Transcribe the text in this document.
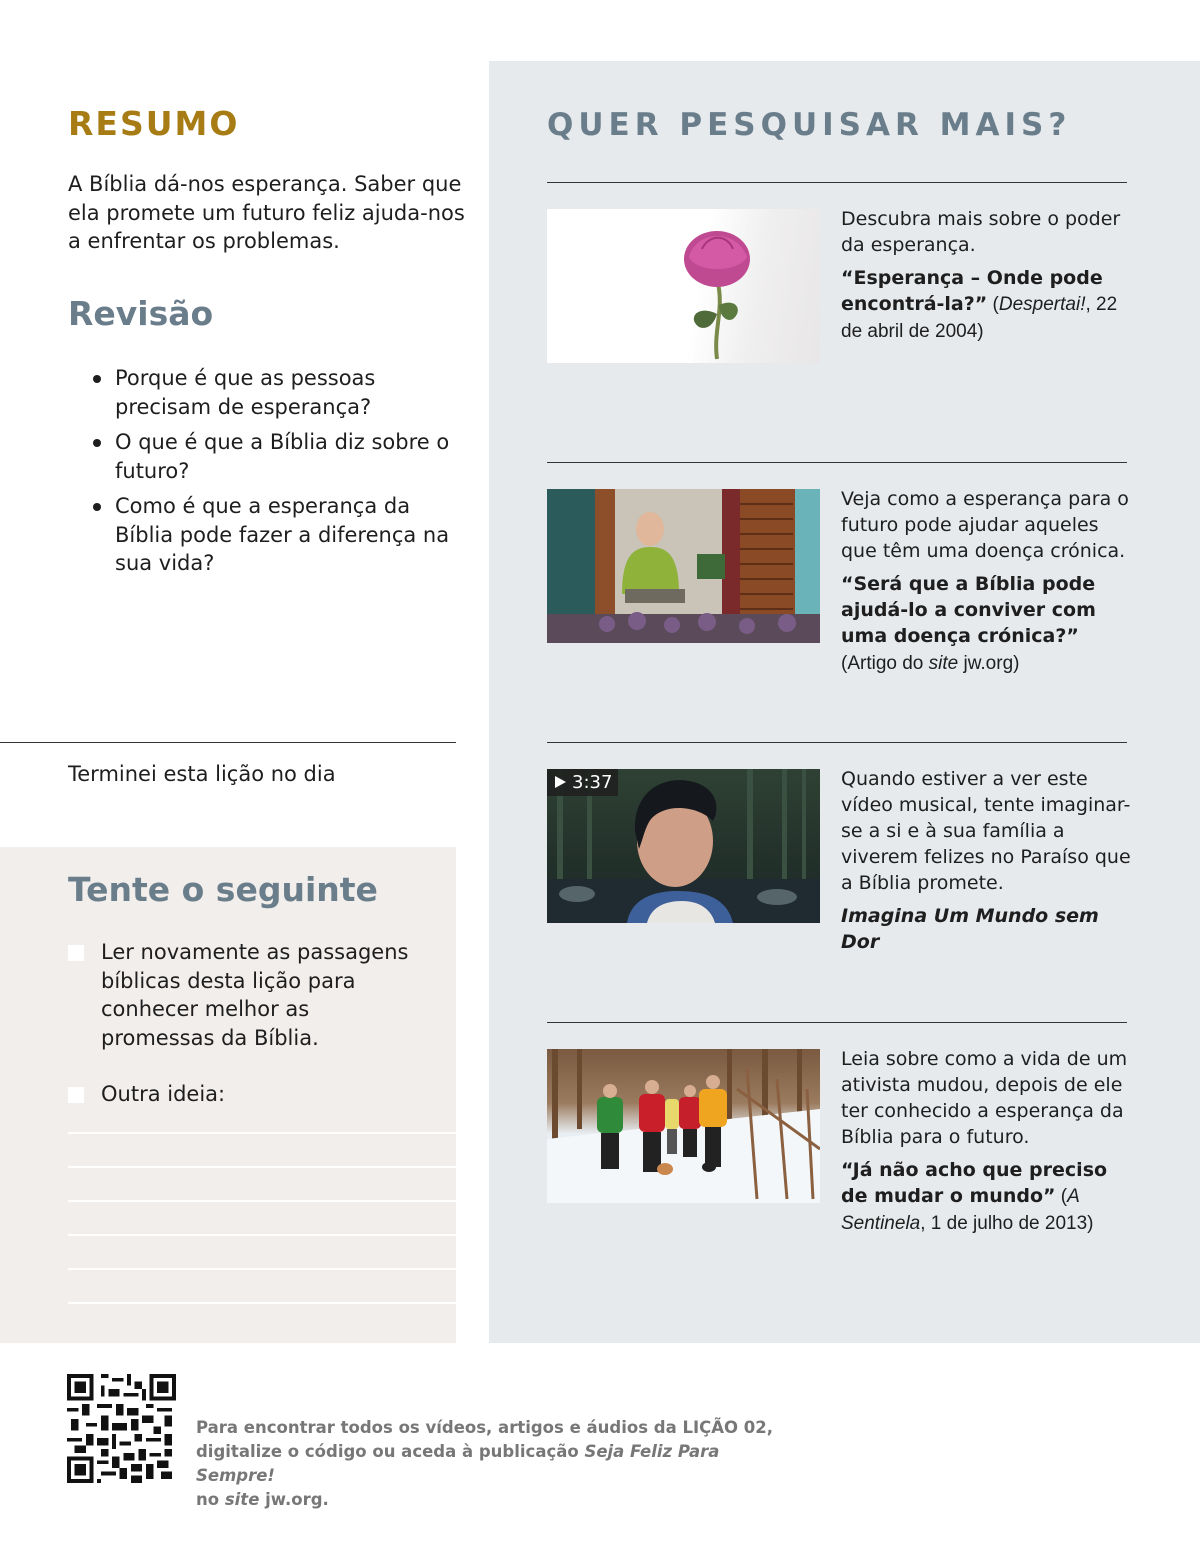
RESUMO
A Bíblia dá-nos esperança. Saber que ela promete um futuro feliz ajuda-nos a enfrentar os problemas.
Revisão
Porque é que as pessoas precisam de esperança?
O que é que a Bíblia diz sobre o futuro?
Como é que a esperança da Bíblia pode fazer a diferença na sua vida?
Terminei esta lição no dia
Tente o seguinte
Ler novamente as passagens bíblicas desta lição para conhecer melhor as promessas da Bíblia.
Outra ideia:
QUER PESQUISAR MAIS?
Descubra mais sobre o poder da esperança.
“Esperança – Onde pode encontrá-la?” (Despertai!, 22 de abril de 2004)
Veja como a esperança para o futuro pode ajudar aqueles que têm uma doença crónica.
“Será que a Bíblia pode ajudá-lo a conviver com uma doença crónica?” (Artigo do site jw.org)
3:37	Quando estiver a ver este vídeo musical, tente imaginar-se a si e à sua família a viverem felizes no Paraíso que a Bíblia promete.
Imagina Um Mundo sem Dor
Leia sobre como a vida de um ativista mudou, depois de ele ter conhecido a esperança da Bíblia para o futuro.
“Já não acho que preciso de mudar o mundo” (A Sentinela, 1 de julho de 2013)
Para encontrar todos os vídeos, artigos e áudios da LIÇÃO 02,
digitalize o código ou aceda à publicação Seja Feliz Para Sempre!
no site jw.org.
